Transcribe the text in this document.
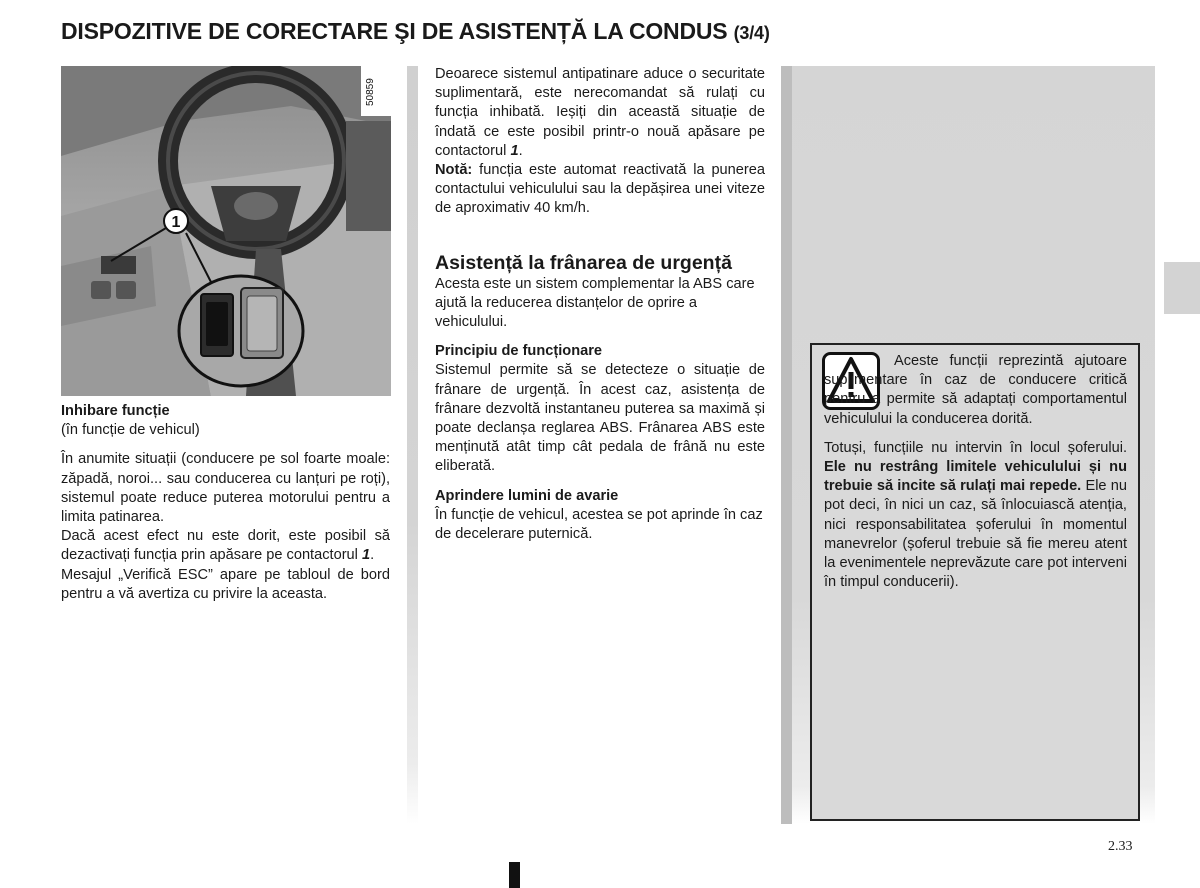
DISPOZITIVE DE CORECTARE ŞI DE ASISTENȚĂ LA CONDUS (3/4)
1
50859

Inhibare funcție

(în funcție de vehicul)

În anumite situații (conducere pe sol foarte moale: zăpadă, noroi... sau conducerea cu lanțuri pe roți), sistemul poate reduce puterea motorului pentru a limita patinarea.

Dacă acest efect nu este dorit, este posibil să dezactivați funcția prin apăsare pe contactorul 1.

Mesajul „Verifică ESC” apare pe tabloul de bord pentru a vă avertiza cu privire la aceasta.

Deoarece sistemul antipatinare aduce o securitate suplimentară, este nerecomandat să rulați cu funcția inhibată. Ieșiți din această situație de îndată ce este posibil printr-o nouă apăsare pe contactorul 1.

Notă: funcția este automat reactivată la punerea contactului vehiculului sau la depășirea unei viteze de aproximativ 40 km/h.

Asistență la frânarea de urgență

Acesta este un sistem complementar la ABS care ajută la reducerea distanțelor de oprire a vehiculului.

Principiu de funcționare

Sistemul permite să se detecteze o situație de frânare de urgență. În acest caz, asistența de frânare dezvoltă instantaneu puterea sa maximă și poate declanșa reglarea ABS. Frânarea ABS este menținută atât timp cât pedala de frână nu este eliberată.

Aprindere lumini de avarie

În funcție de vehicul, acestea se pot aprinde în caz de decelerare puternică.

Aceste funcții reprezintă ajutoare suplimentare în caz de conducere critică pentru a permite să adaptați comportamentul vehiculului la conducerea dorită.

Totuși, funcțiile nu intervin în locul șoferului. Ele nu restrâng limitele vehiculului și nu trebuie să incite să rulați mai repede. Ele nu pot deci, în nici un caz, să înlocuiască atenția, nici responsabilitatea șoferului în momentul manevrelor (șoferul trebuie să fie mereu atent la evenimentele neprevăzute care pot interveni în timpul conducerii).

2.33
